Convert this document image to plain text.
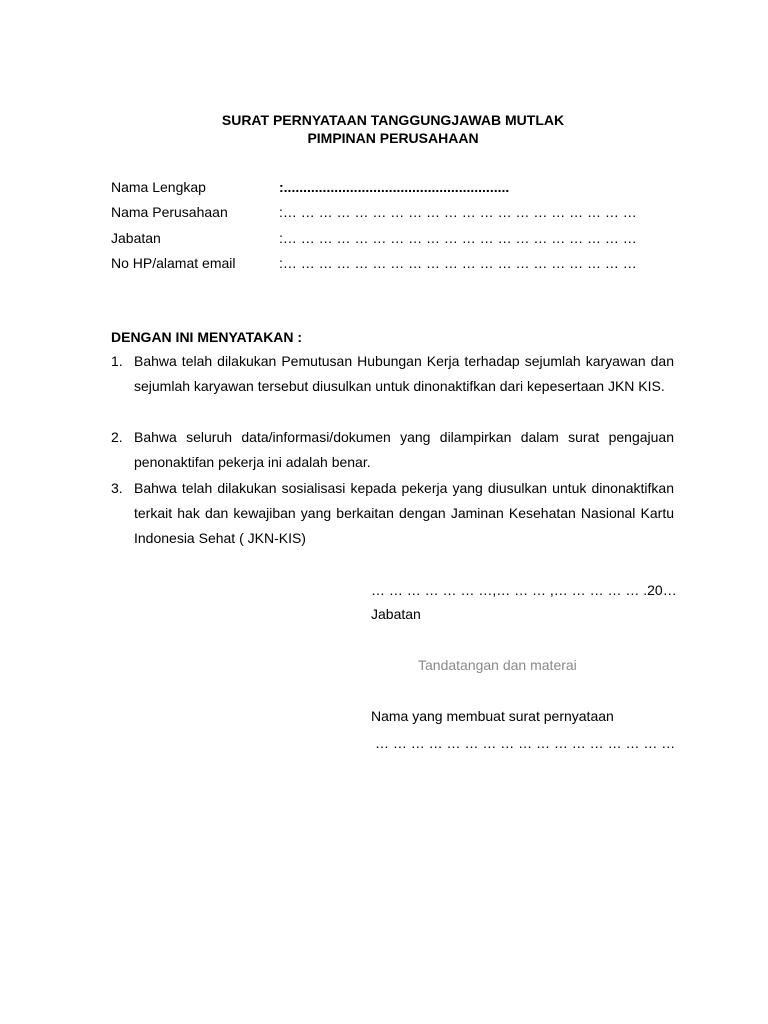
SURAT PERNYATAAN TANGGUNGJAWAB MUTLAK
PIMPINAN PERUSAHAAN
Nama Lengkap	:..........................................................
Nama Perusahaan	:… … … … … … … … … … … … … … … … … … … …
Jabatan	:… … … … … … … … … … … … … … … … … … … …
No HP/alamat email	:… … … … … … … … … … … … … … … … … … … …
DENGAN INI MENYATAKAN :
1. Bahwa telah dilakukan Pemutusan Hubungan Kerja terhadap sejumlah karyawan dan sejumlah karyawan tersebut diusulkan untuk dinonaktifkan dari kepesertaan JKN KIS.
2. Bahwa seluruh data/informasi/dokumen yang dilampirkan dalam surat pengajuan penonaktifan pekerja ini adalah benar.
3. Bahwa telah dilakukan sosialisasi kepada pekerja yang diusulkan untuk dinonaktifkan terkait hak dan kewajiban yang berkaitan dengan Jaminan Kesehatan Nasional Kartu Indonesia Sehat ( JKN-KIS)
… … … … … … …,… … … ,… … … … … .20…
Jabatan
Tandatangan dan materai
Nama yang membuat surat pernyataan
… … … … … … … … … … … … … … … … …
